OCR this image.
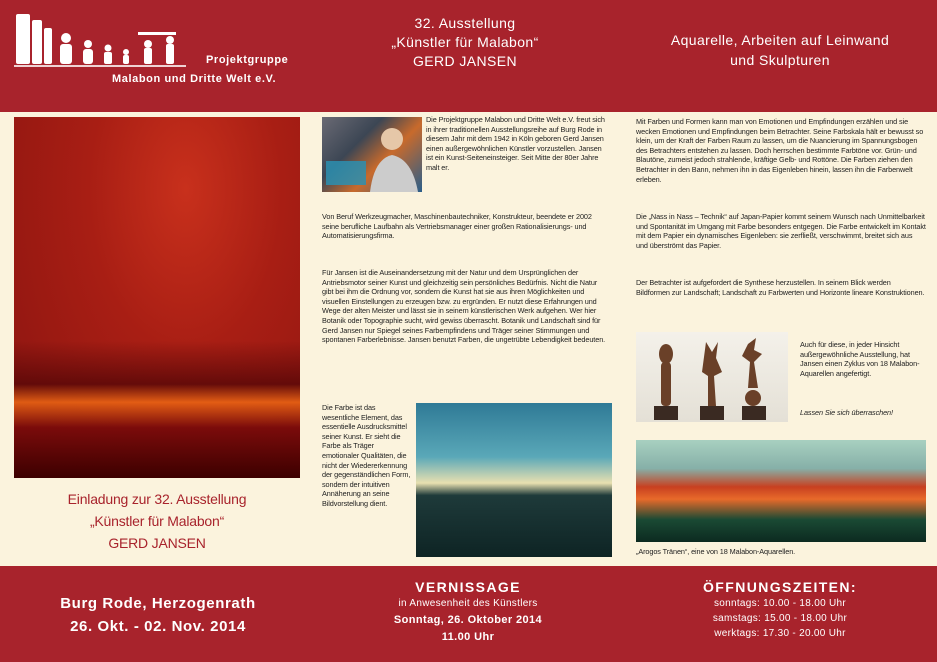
Projektgruppe
Malabon und Dritte Welt e.V.
32. Ausstellung
„Künstler für Malabon“
GERD JANSEN
Aquarelle, Arbeiten auf Leinwand
und Skulpturen
Einladung zur 32. Ausstellung
„Künstler für Malabon“
GERD JANSEN
Die Projektgruppe Malabon und Dritte Welt e.V. freut sich in ihrer traditionellen Ausstellungsreihe auf Burg Rode in diesem Jahr mit dem 1942 in Köln geboren Gerd Jansen einen außergewöhnlichen Künstler vorzustellen. Jansen ist ein Kunst-Seiteneinsteiger. Seit Mitte der 80er Jahre malt er.
Von Beruf Werkzeugmacher, Maschinenbautechniker, Konstrukteur, beendete er 2002 seine berufliche Laufbahn als Vertriebsmanager einer großen Rationalisierungs- und Automatisierungsfirma.
Für Jansen ist die Auseinandersetzung mit der Natur und dem Ursprünglichen der Antriebsmotor seiner Kunst und gleichzeitig sein persönliches Bedürfnis. Nicht die Natur gibt bei ihm die Ordnung vor, sondern die Kunst hat sie aus ihren Möglichkeiten und visuellen Einstellungen zu erzeugen bzw. zu ergründen. Er nutzt diese Erfahrungen und Wege der alten Meister und lässt sie in seinem künstlerischen Werk aufgehen. Wer hier Botanik oder Topographie sucht, wird gewiss überrascht. Botanik und Landschaft sind für Gerd Jansen nur Spiegel seines Farbempfindens und Träger seiner Stimmungen und spontanen Farberlebnisse. Jansen benutzt Farben, die ungetrübte Lebendigkeit bedeuten.
Die Farbe ist das wesentliche Element, das essentielle Ausdrucksmittel seiner Kunst. Er sieht die Farbe als Träger emotionaler Qualitäten, die nicht der Wiedererkennung der gegenständlichen Form, sondern der intuitiven Annäherung an seine Bildvorstellung dient.
Mit Farben und Formen kann man von Emotionen und Empfindungen erzählen und sie wecken Emotionen und Empfindungen beim Betrachter. Seine Farbskala hält er bewusst so klein, um der Kraft der Farben Raum zu lassen, um die Nuancierung im Spannungsbogen des Betrachters entstehen zu lassen. Doch herrschen bestimmte Farbtöne vor. Grün- und Blautöne, zumeist jedoch strahlende, kräftige Gelb- und Rottöne. Die Farben ziehen den Betrachter in den Bann, nehmen ihn in das Eigenleben hinein, lassen ihn die Farbenwelt erleben.
Die „Nass in Nass – Technik“ auf Japan-Papier kommt seinem Wunsch nach Unmittelbarkeit und Spontanität im Umgang mit Farbe besonders entgegen. Die Farbe entwickelt im Kontakt mit dem Papier ein dynamisches Eigenleben: sie zerfließt, verschwimmt, breitet sich aus und überströmt das Papier.
Der Betrachter ist aufgefordert die Synthese herzustellen. In seinem Blick werden Bildformen zur Landschaft; Landschaft zu Farbwerten und Horizonte lineare Konstruktionen.
Auch für diese, in jeder Hinsicht außergewöhnliche Ausstellung, hat Jansen einen Zyklus von 18 Malabon-Aquarellen angefertigt.
Lassen Sie sich überraschen!
„Arogos Tränen“, eine von 18 Malabon-Aquarellen.
Burg Rode, Herzogenrath
26. Okt. - 02. Nov. 2014
VERNISSAGE
in Anwesenheit des Künstlers
Sonntag, 26. Oktober 2014
11.00 Uhr
ÖFFNUNGSZEITEN:
sonntags: 10.00 - 18.00 Uhr
samstags: 15.00 - 18.00 Uhr
werktags: 17.30 - 20.00 Uhr
